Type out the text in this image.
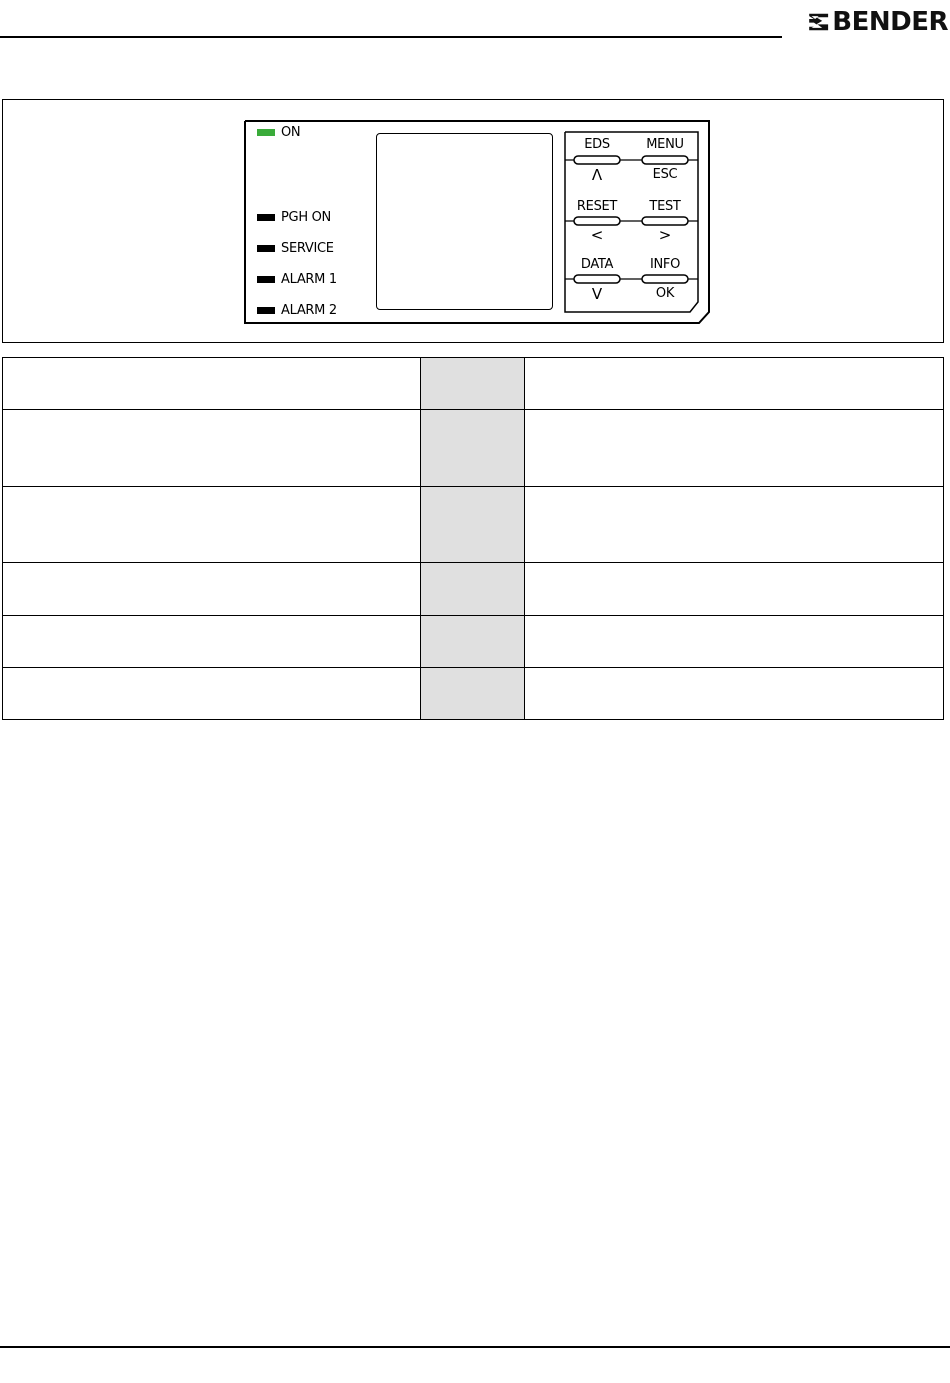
BENDER
ON
PGH ON
SERVICE
ALARM 1
ALARM 2
EDS
Λ
MENU
ESC
RESET
<
TEST
>
DATA
V
INFO
OK
